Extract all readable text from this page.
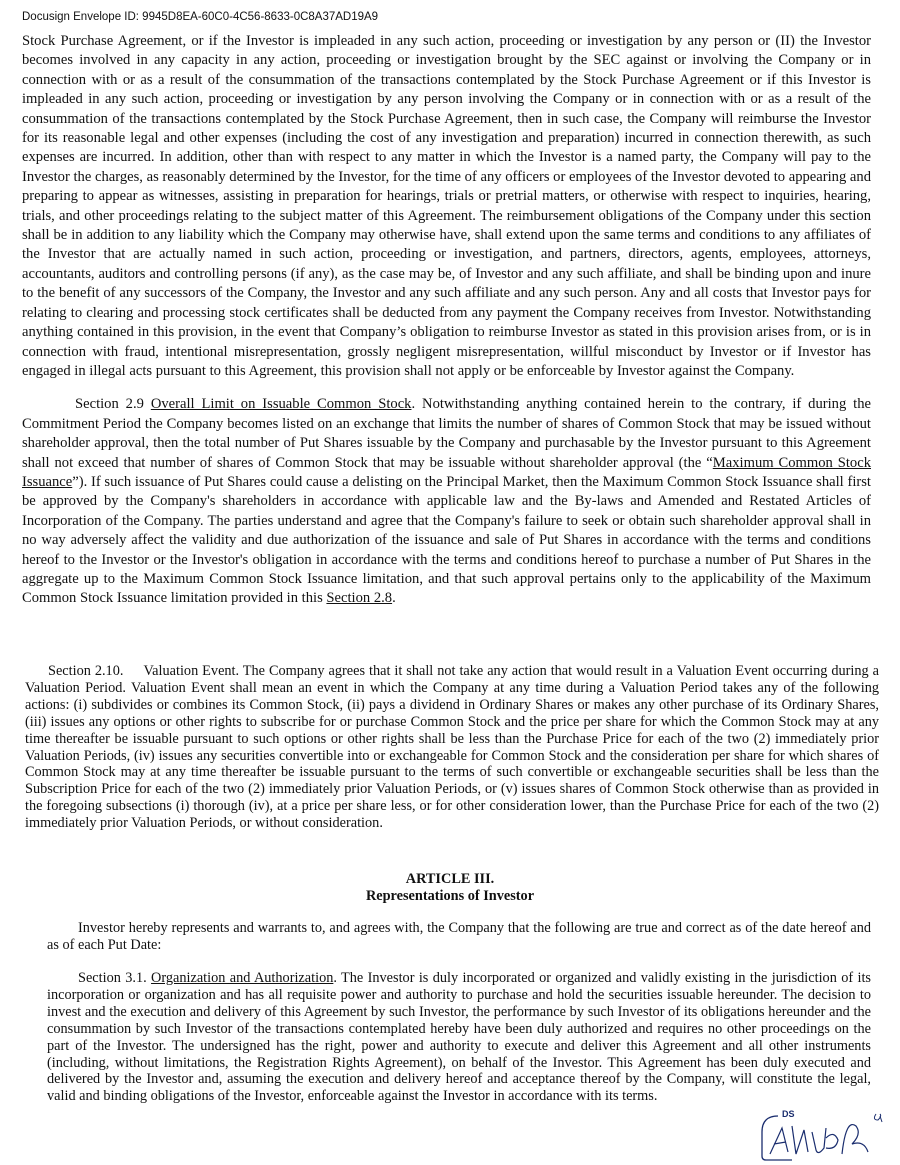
Docusign Envelope ID: 9945D8EA-60C0-4C56-8633-0C8A37AD19A9

Stock Purchase Agreement, or if the Investor is impleaded in any such action, proceeding or investigation by any person or (II) the Investor becomes involved in any capacity in any action, proceeding or investigation brought by the SEC against or involving the Company or in connection with or as a result of the consummation of the transactions contemplated by the Stock Purchase Agreement or if this Investor is impleaded in any such action, proceeding or investigation by any person involving the Company or in connection with or as a result of the consummation of the transactions contemplated by the Stock Purchase Agreement, then in such case, the Company will reimburse the Investor for its reasonable legal and other expenses (including the cost of any investigation and preparation) incurred in connection therewith, as such expenses are incurred. In addition, other than with respect to any matter in which the Investor is a named party, the Company will pay to the Investor the charges, as reasonably determined by the Investor, for the time of any officers or employees of the Investor devoted to appearing and preparing to appear as witnesses, assisting in preparation for hearings, trials or pretrial matters, or otherwise with respect to inquiries, hearing, trials, and other proceedings relating to the subject matter of this Agreement. The reimbursement obligations of the Company under this section shall be in addition to any liability which the Company may otherwise have, shall extend upon the same terms and conditions to any affiliates of the Investor that are actually named in such action, proceeding or investigation, and partners, directors, agents, employees, attorneys, accountants, auditors and controlling persons (if any), as the case may be, of Investor and any such affiliate, and shall be binding upon and inure to the benefit of any successors of the Company, the Investor and any such affiliate and any such person. Any and all costs that Investor pays for relating to clearing and processing stock certificates shall be deducted from any payment the Company receives from Investor. Notwithstanding anything contained in this provision, in the event that Company’s obligation to reimburse Investor as stated in this provision arises from, or is in connection with fraud, intentional misrepresentation, grossly negligent misrepresentation, willful misconduct by Investor or if Investor has engaged in illegal acts pursuant to this Agreement, this provision shall not apply or be enforceable by Investor against the Company.

Section 2.9 Overall Limit on Issuable Common Stock. Notwithstanding anything contained herein to the contrary, if during the Commitment Period the Company becomes listed on an exchange that limits the number of shares of Common Stock that may be issued without shareholder approval, then the total number of Put Shares issuable by the Company and purchasable by the Investor pursuant to this Agreement shall not exceed that number of shares of Common Stock that may be issuable without shareholder approval (the “Maximum Common Stock Issuance”). If such issuance of Put Shares could cause a delisting on the Principal Market, then the Maximum Common Stock Issuance shall first be approved by the Company's shareholders in accordance with applicable law and the By-laws and Amended and Restated Articles of Incorporation of the Company. The parties understand and agree that the Company's failure to seek or obtain such shareholder approval shall in no way adversely affect the validity and due authorization of the issuance and sale of Put Shares in accordance with the terms and conditions hereof to the Investor or the Investor's obligation in accordance with the terms and conditions hereof to purchase a number of Put Shares in the aggregate up to the Maximum Common Stock Issuance limitation, and that such approval pertains only to the applicability of the Maximum Common Stock Issuance limitation provided in this Section 2.8.

Section 2.10. Valuation Event. The Company agrees that it shall not take any action that would result in a Valuation Event occurring during a Valuation Period. Valuation Event shall mean an event in which the Company at any time during a Valuation Period takes any of the following actions: (i) subdivides or combines its Common Stock, (ii) pays a dividend in Ordinary Shares or makes any other purchase of its Ordinary Shares, (iii) issues any options or other rights to subscribe for or purchase Common Stock and the price per share for which the Common Stock may at any time thereafter be issuable pursuant to such options or other rights shall be less than the Purchase Price for each of the two (2) immediately prior Valuation Periods, (iv) issues any securities convertible into or exchangeable for Common Stock and the consideration per share for which shares of Common Stock may at any time thereafter be issuable pursuant to the terms of such convertible or exchangeable securities shall be less than the Subscription Price for each of the two (2) immediately prior Valuation Periods, or (v) issues shares of Common Stock otherwise than as provided in the foregoing subsections (i) thorough (iv), at a price per share less, or for other consideration lower, than the Purchase Price for each of the two (2) immediately prior Valuation Periods, or without consideration.

ARTICLE III.
Representations of Investor

Investor hereby represents and warrants to, and agrees with, the Company that the following are true and correct as of the date hereof and as of each Put Date:

Section 3.1. Organization and Authorization. The Investor is duly incorporated or organized and validly existing in the jurisdiction of its incorporation or organization and has all requisite power and authority to purchase and hold the securities issuable hereunder. The decision to invest and the execution and delivery of this Agreement by such Investor, the performance by such Investor of its obligations hereunder and the consummation by such Investor of the transactions contemplated hereby have been duly authorized and requires no other proceedings on the part of the Investor. The undersigned has the right, power and authority to execute and deliver this Agreement and all other instruments (including, without limitations, the Registration Rights Agreement), on behalf of the Investor. This Agreement has been duly executed and delivered by the Investor and, assuming the execution and delivery hereof and acceptance thereof by the Company, will constitute the legal, valid and binding obligations of the Investor, enforceable against the Investor in accordance with its terms.

DS
